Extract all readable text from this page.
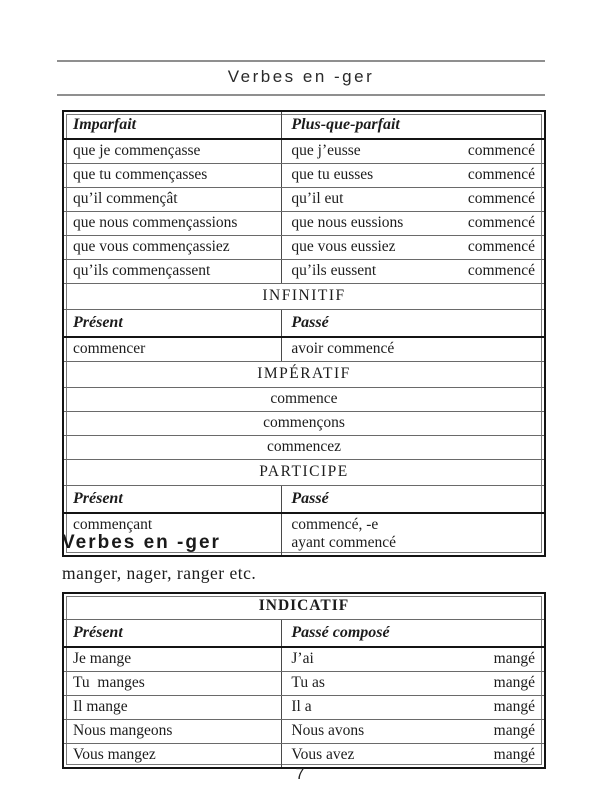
Verbes en -ger
Imparfait	Plus-que-parfait
que je commençasse	que j’eusse	commencé
que tu commençasses	que tu eusses	commencé
qu’il commençât	qu’il eut	commencé
que nous commençassions	que nous eussions	commencé
que vous commençassiez	que vous eussiez	commencé
qu’ils commençassent	qu’ils eussent	commencé
INFINITIF
Présent	Passé
commencer	avoir commencé
IMPÉRATIF
commence
commençons
commencez
PARTICIPE
Présent	Passé
commençant	commencé, -e
ayant commencé
Verbes en -ger

manger, nager, ranger etc.

INDICATIF
Présent	Passé composé
Je mange	J’ai	mangé
Tu  manges	Tu as	mangé
Il mange	Il a	mangé
Nous mangeons	Nous avons	mangé
Vous mangez	Vous avez	mangé
7
